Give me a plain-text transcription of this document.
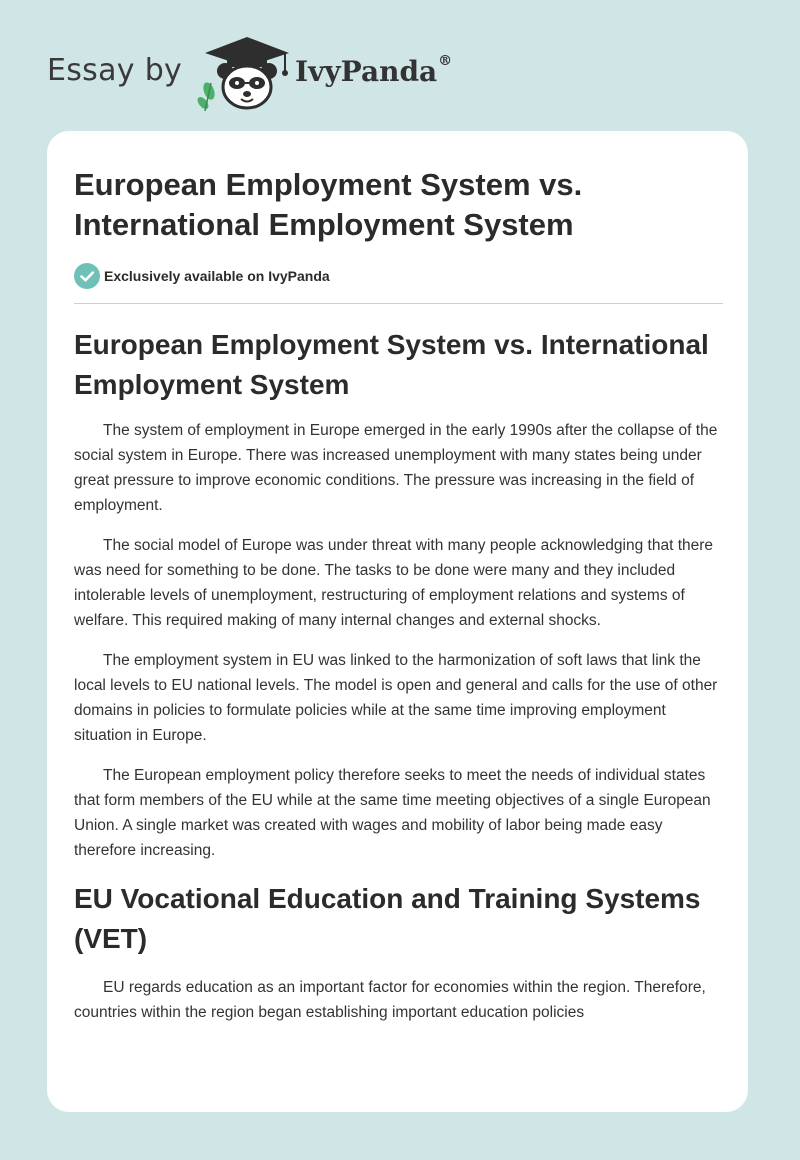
Essay by	IvyPanda®
European Employment System vs. International Employment System
Exclusively available on IvyPanda
European Employment System vs. International Employment System

The system of employment in Europe emerged in the early 1990s after the collapse of the social system in Europe. There was increased unemployment with many states being under great pressure to improve economic conditions. The pressure was increasing in the field of employment.

The social model of Europe was under threat with many people acknowledging that there was need for something to be done. The tasks to be done were many and they included intolerable levels of unemployment, restructuring of employment relations and systems of welfare. This required making of many internal changes and external shocks.

The employment system in EU was linked to the harmonization of soft laws that link the local levels to EU national levels. The model is open and general and calls for the use of other domains in policies to formulate policies while at the same time improving employment situation in Europe.

The European employment policy therefore seeks to meet the needs of individual states that form members of the EU while at the same time meeting objectives of a single European Union. A single market was created with wages and mobility of labor being made easy therefore increasing.

EU Vocational Education and Training Systems (VET)

EU regards education as an important factor for economies within the region. Therefore, countries within the region began establishing important education policies
